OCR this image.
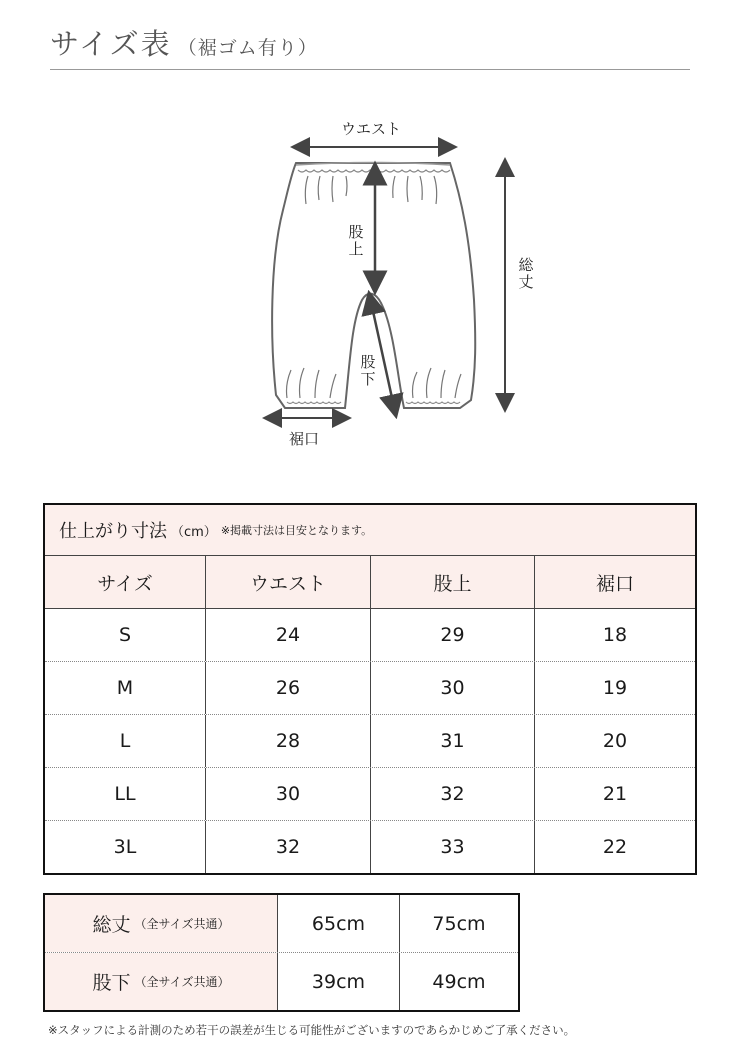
サイズ表 （裾ゴム有り）
ウエスト
股上
総丈
股下
裾口
仕上がり寸法 （cm） ※掲載寸法は目安となります。
サイズ	ウエスト	股上	裾口
S	24	29	18
M	26	30	19
L	28	31	20
LL	30	32	21
3L	32	33	22
総丈 （全サイズ共通）	65cm	75cm
股下 （全サイズ共通）	39cm	49cm
※スタッフによる計測のため若干の誤差が生じる可能性がございますのであらかじめご了承ください。
